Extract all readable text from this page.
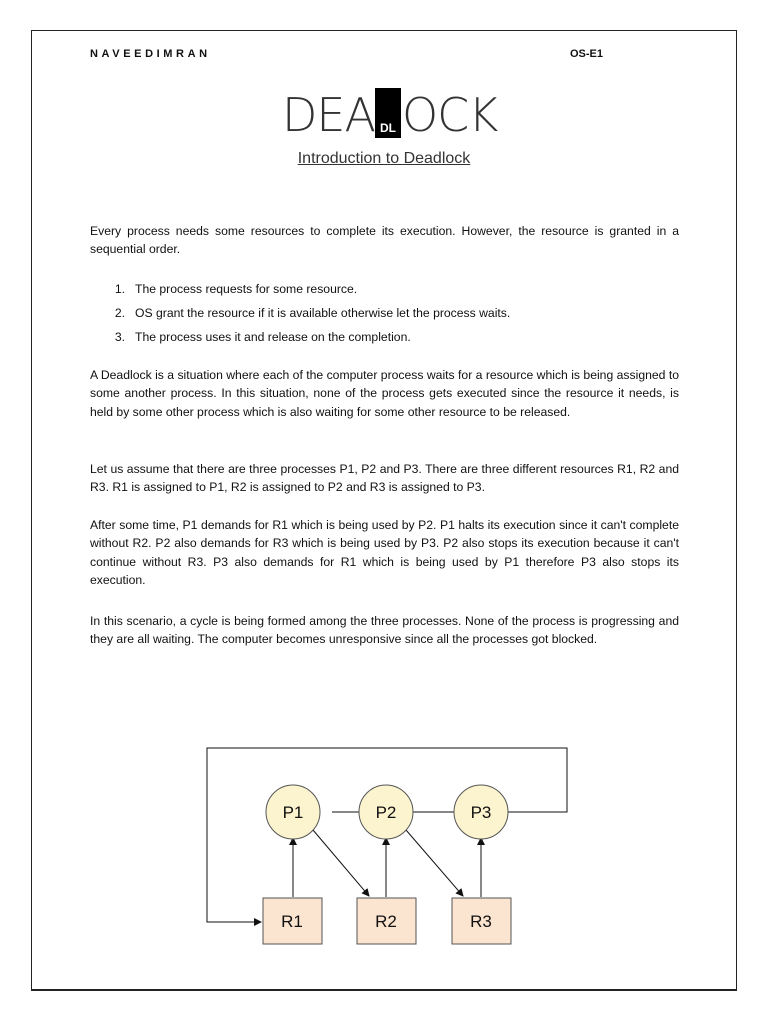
NAVEEDIMRAN	OS-E1
DEA DL OCK
Introduction to Deadlock
Every process needs some resources to complete its execution. However, the resource is granted in a sequential order.
1. The process requests for some resource.
2. OS grant the resource if it is available otherwise let the process waits.
3. The process uses it and release on the completion.
A Deadlock is a situation where each of the computer process waits for a resource which is being assigned to some another process. In this situation, none of the process gets executed since the resource it needs, is held by some other process which is also waiting for some other resource to be released.
Let us assume that there are three processes P1, P2 and P3. There are three different resources R1, R2 and R3. R1 is assigned to P1, R2 is assigned to P2 and R3 is assigned to P3.
After some time, P1 demands for R1 which is being used by P2. P1 halts its execution since it can't complete without R2. P2 also demands for R3 which is being used by P3. P2 also stops its execution because it can't continue without R3. P3 also demands for R1 which is being used by P1 therefore P3 also stops its execution.
In this scenario, a cycle is being formed among the three processes. None of the process is progressing and they are all waiting. The computer becomes unresponsive since all the processes got blocked.
P1	P2	P3
R1	R2	R3
